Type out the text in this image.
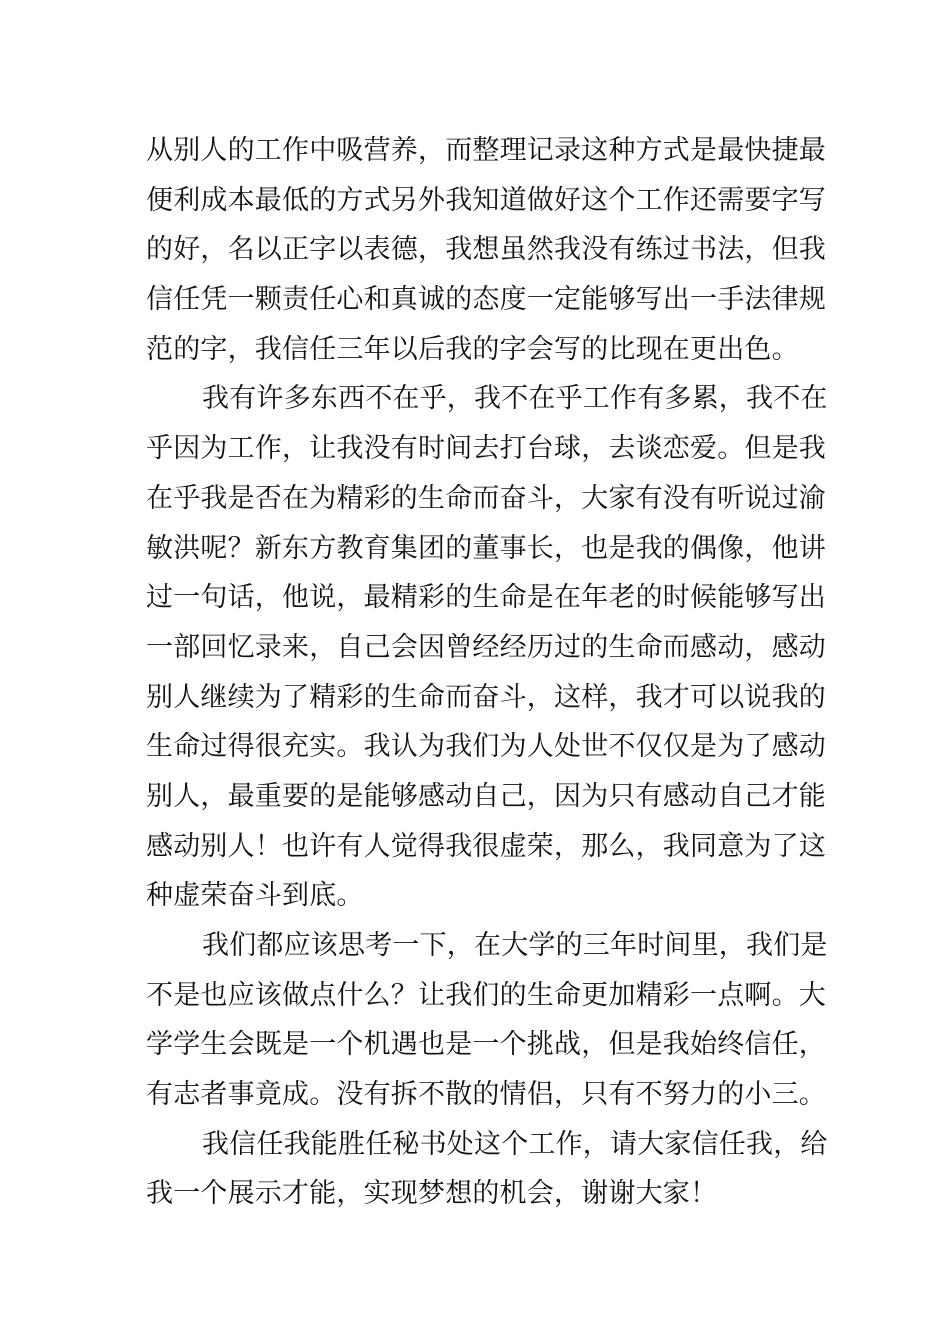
从别人的工作中吸营养，而整理记录这种方式是最快捷最
便利成本最低的方式另外我知道做好这个工作还需要字写
的好，名以正字以表德，我想虽然我没有练过书法，但我
信任凭一颗责任心和真诚的态度一定能够写出一手法律规
范的字，我信任三年以后我的字会写的比现在更出色。
我有许多东西不在乎，我不在乎工作有多累，我不在
乎因为工作，让我没有时间去打台球，去谈恋爱。但是我
在乎我是否在为精彩的生命而奋斗，大家有没有听说过渝
敏洪呢？新东方教育集团的董事长，也是我的偶像，他讲
过一句话，他说，最精彩的生命是在年老的时候能够写出
一部回忆录来，自己会因曾经经历过的生命而感动，感动
别人继续为了精彩的生命而奋斗，这样，我才可以说我的
生命过得很充实。我认为我们为人处世不仅仅是为了感动
别人，最重要的是能够感动自己，因为只有感动自己才能
感动别人！也许有人觉得我很虚荣，那么，我同意为了这
种虚荣奋斗到底。
我们都应该思考一下，在大学的三年时间里，我们是
不是也应该做点什么？让我们的生命更加精彩一点啊。大
学学生会既是一个机遇也是一个挑战，但是我始终信任，
有志者事竟成。没有拆不散的情侣，只有不努力的小三。
我信任我能胜任秘书处这个工作，请大家信任我，给
我一个展示才能，实现梦想的机会，谢谢大家！
